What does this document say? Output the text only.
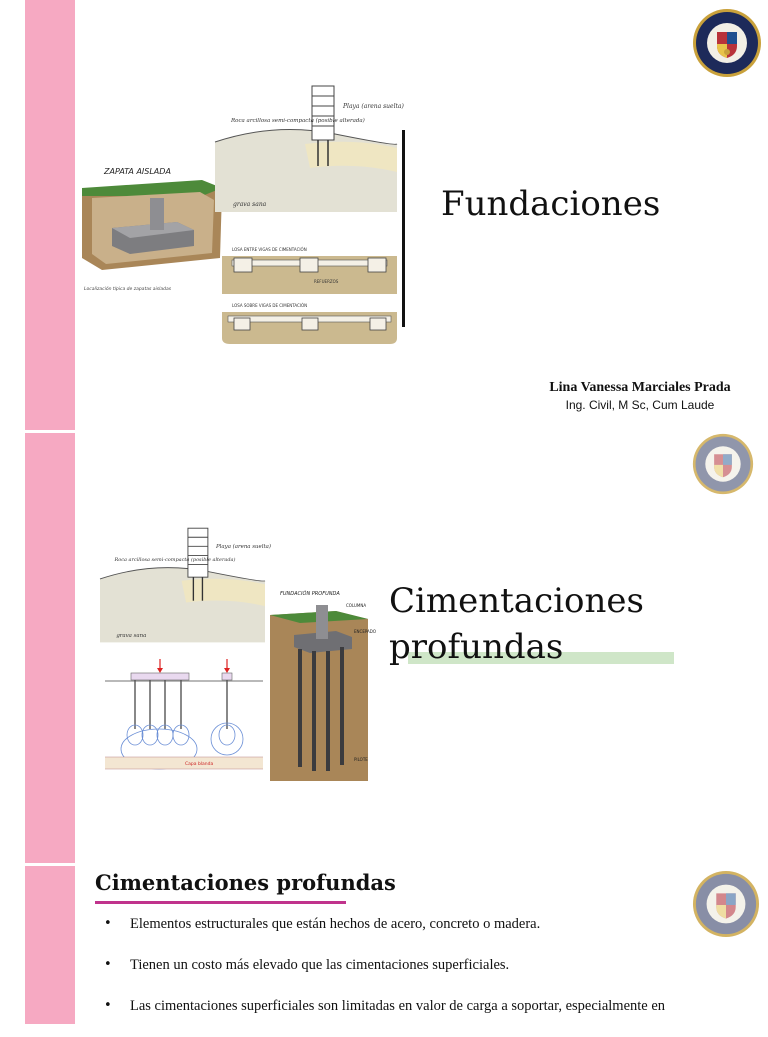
ZAPATA AISLADA
Localización típica de zapatas aisladas
Roca arcillosa semi-compacta (posible alterada)
Playa (arena suelta)
grava sana
LOSA ENTRE VIGAS DE CIMENTACIÓN
REFUERZOS
LOSA SOBRE VIGAS DE CIMENTACIÓN
Fundaciones
Lina Vanessa Marciales Prada
Ing. Civil, M Sc, Cum Laude
Roca arcillosa semi-compacta (posible alterada)
Playa (arena suelta)
grava sana
Capa blanda
FUNDACIÓN PROFUNDA
COLUMNA
ENCEPADO
PILOTE
Cimentaciones
profundas
Cimentaciones profundas
• Elementos estructurales que están hechos de acero, concreto o madera.
• Tienen un costo más elevado que las cimentaciones superficiales.
• Las cimentaciones superficiales son limitadas en valor de carga a soportar, especialmente en
